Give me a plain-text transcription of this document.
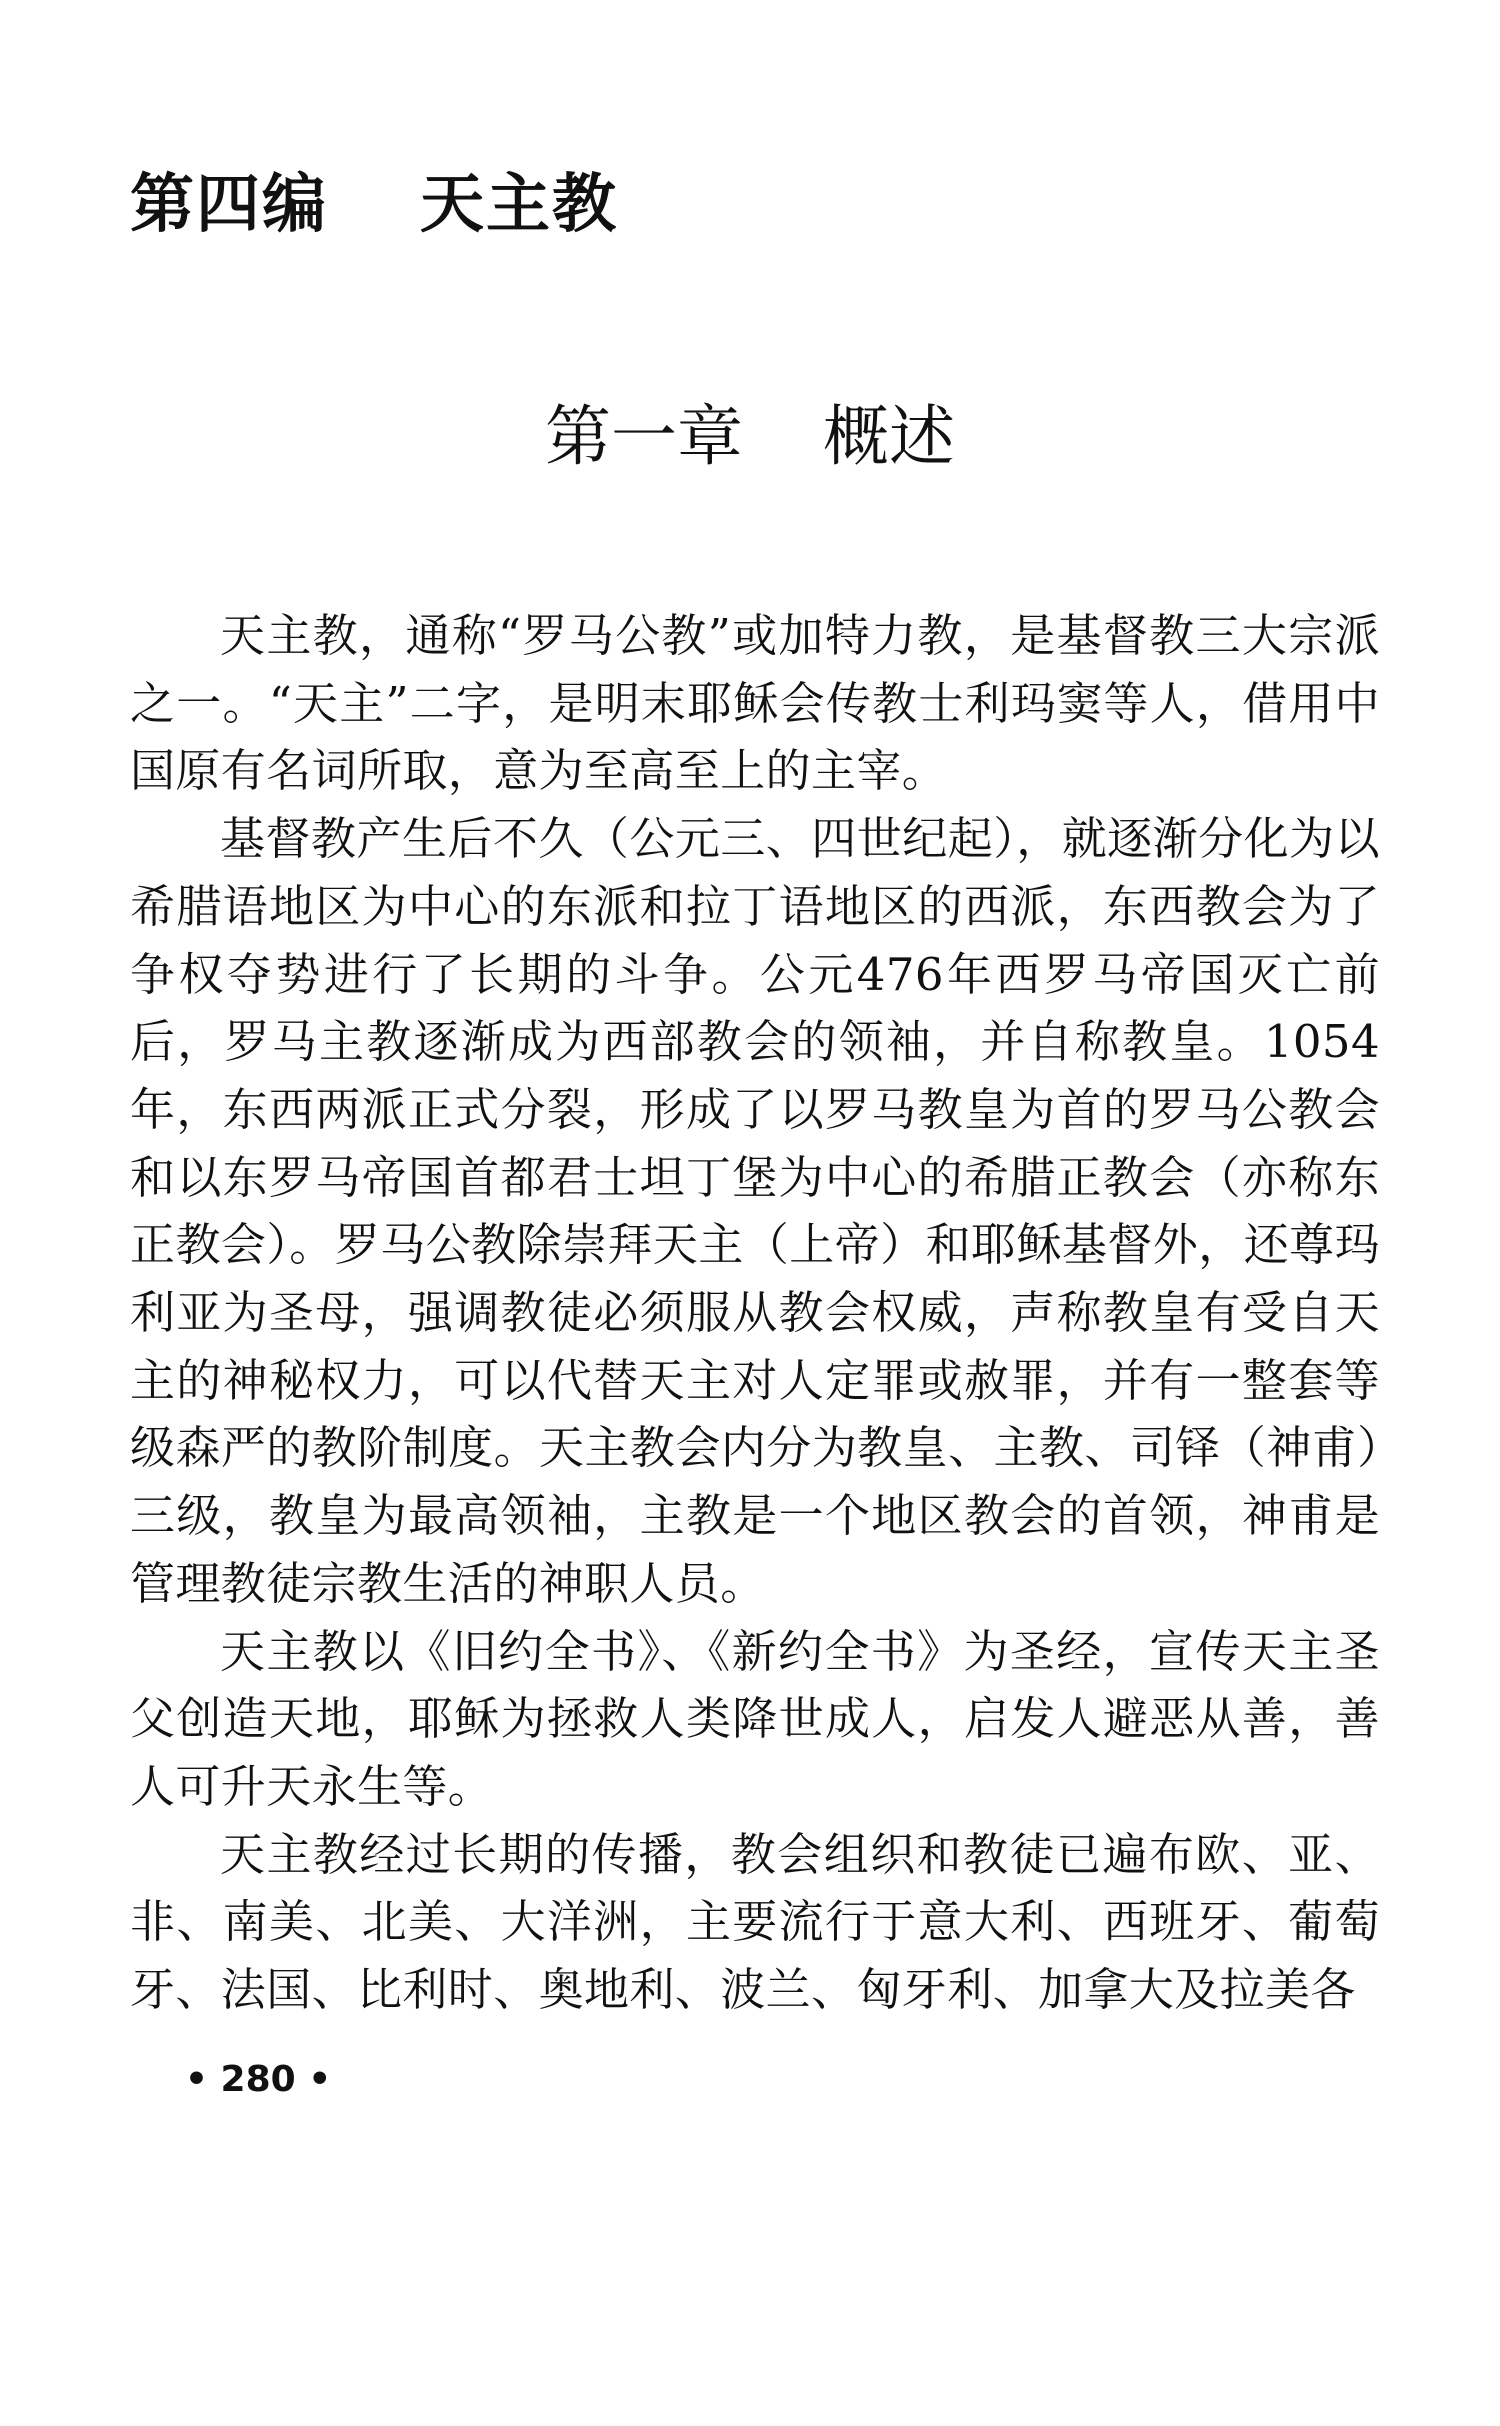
第四编 天主教
第一章 概述

天主教，通称“罗马公教”或加特力教，是基督教三大宗派之一。“天主”二字，是明末耶稣会传教士利玛窦等人，借用中国原有名词所取，意为至高至上的主宰。

基督教产生后不久（公元三、四世纪起），就逐渐分化为以希腊语地区为中心的东派和拉丁语地区的西派，东西教会为了争权夺势进行了长期的斗争。公元476年西罗马帝国灭亡前后，罗马主教逐渐成为西部教会的领袖，并自称教皇。1054年，东西两派正式分裂，形成了以罗马教皇为首的罗马公教会和以东罗马帝国首都君士坦丁堡为中心的希腊正教会（亦称东正教会）。罗马公教除崇拜天主（上帝）和耶稣基督外，还尊玛利亚为圣母，强调教徒必须服从教会权威，声称教皇有受自天主的神秘权力，可以代替天主对人定罪或赦罪，并有一整套等级森严的教阶制度。天主教会内分为教皇、主教、司铎（神甫）三级，教皇为最高领袖，主教是一个地区教会的首领，神甫是管理教徒宗教生活的神职人员。

天主教以《旧约全书》、《新约全书》为圣经，宣传天主圣父创造天地，耶稣为拯救人类降世成人，启发人避恶从善，善人可升天永生等。

天主教经过长期的传播，教会组织和教徒已遍布欧、亚、非、南美、北美、大洋洲，主要流行于意大利、西班牙、葡萄牙、法国、比利时、奥地利、波兰、匈牙利、加拿大及拉美各

• 280 •
